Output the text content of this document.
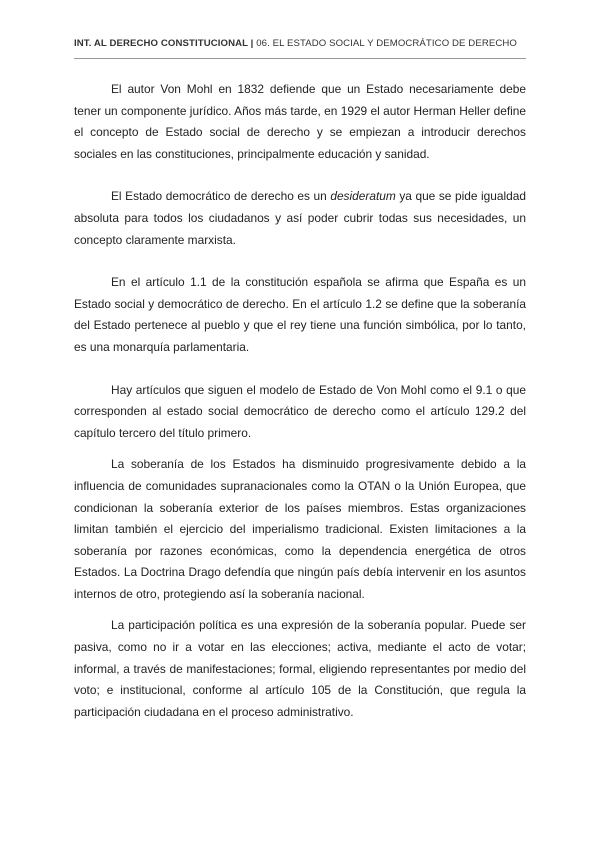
INT. AL DERECHO CONSTITUCIONAL | 06. EL ESTADO SOCIAL Y DEMOCRÁTICO DE DERECHO

El autor Von Mohl en 1832 defiende que un Estado necesariamente debe tener un componente jurídico. Años más tarde, en 1929 el autor Herman Heller define el concepto de Estado social de derecho y se empiezan a introducir derechos sociales en las constituciones, principalmente educación y sanidad.

El Estado democrático de derecho es un desideratum ya que se pide igualdad absoluta para todos los ciudadanos y así poder cubrir todas sus necesidades, un concepto claramente marxista.

En el artículo 1.1 de la constitución española se afirma que España es un Estado social y democrático de derecho. En el artículo 1.2 se define que la soberanía del Estado pertenece al pueblo y que el rey tiene una función simbólica, por lo tanto, es una monarquía parlamentaria.

Hay artículos que siguen el modelo de Estado de Von Mohl como el 9.1 o que corresponden al estado social democrático de derecho como el artículo 129.2 del capítulo tercero del título primero.

La soberanía de los Estados ha disminuido progresivamente debido a la influencia de comunidades supranacionales como la OTAN o la Unión Europea, que condicionan la soberanía exterior de los países miembros. Estas organizaciones limitan también el ejercicio del imperialismo tradicional. Existen limitaciones a la soberanía por razones económicas, como la dependencia energética de otros Estados. La Doctrina Drago defendía que ningún país debía intervenir en los asuntos internos de otro, protegiendo así la soberanía nacional.

La participación política es una expresión de la soberanía popular. Puede ser pasiva, como no ir a votar en las elecciones; activa, mediante el acto de votar; informal, a través de manifestaciones; formal, eligiendo representantes por medio del voto; e institucional, conforme al artículo 105 de la Constitución, que regula la participación ciudadana en el proceso administrativo.
